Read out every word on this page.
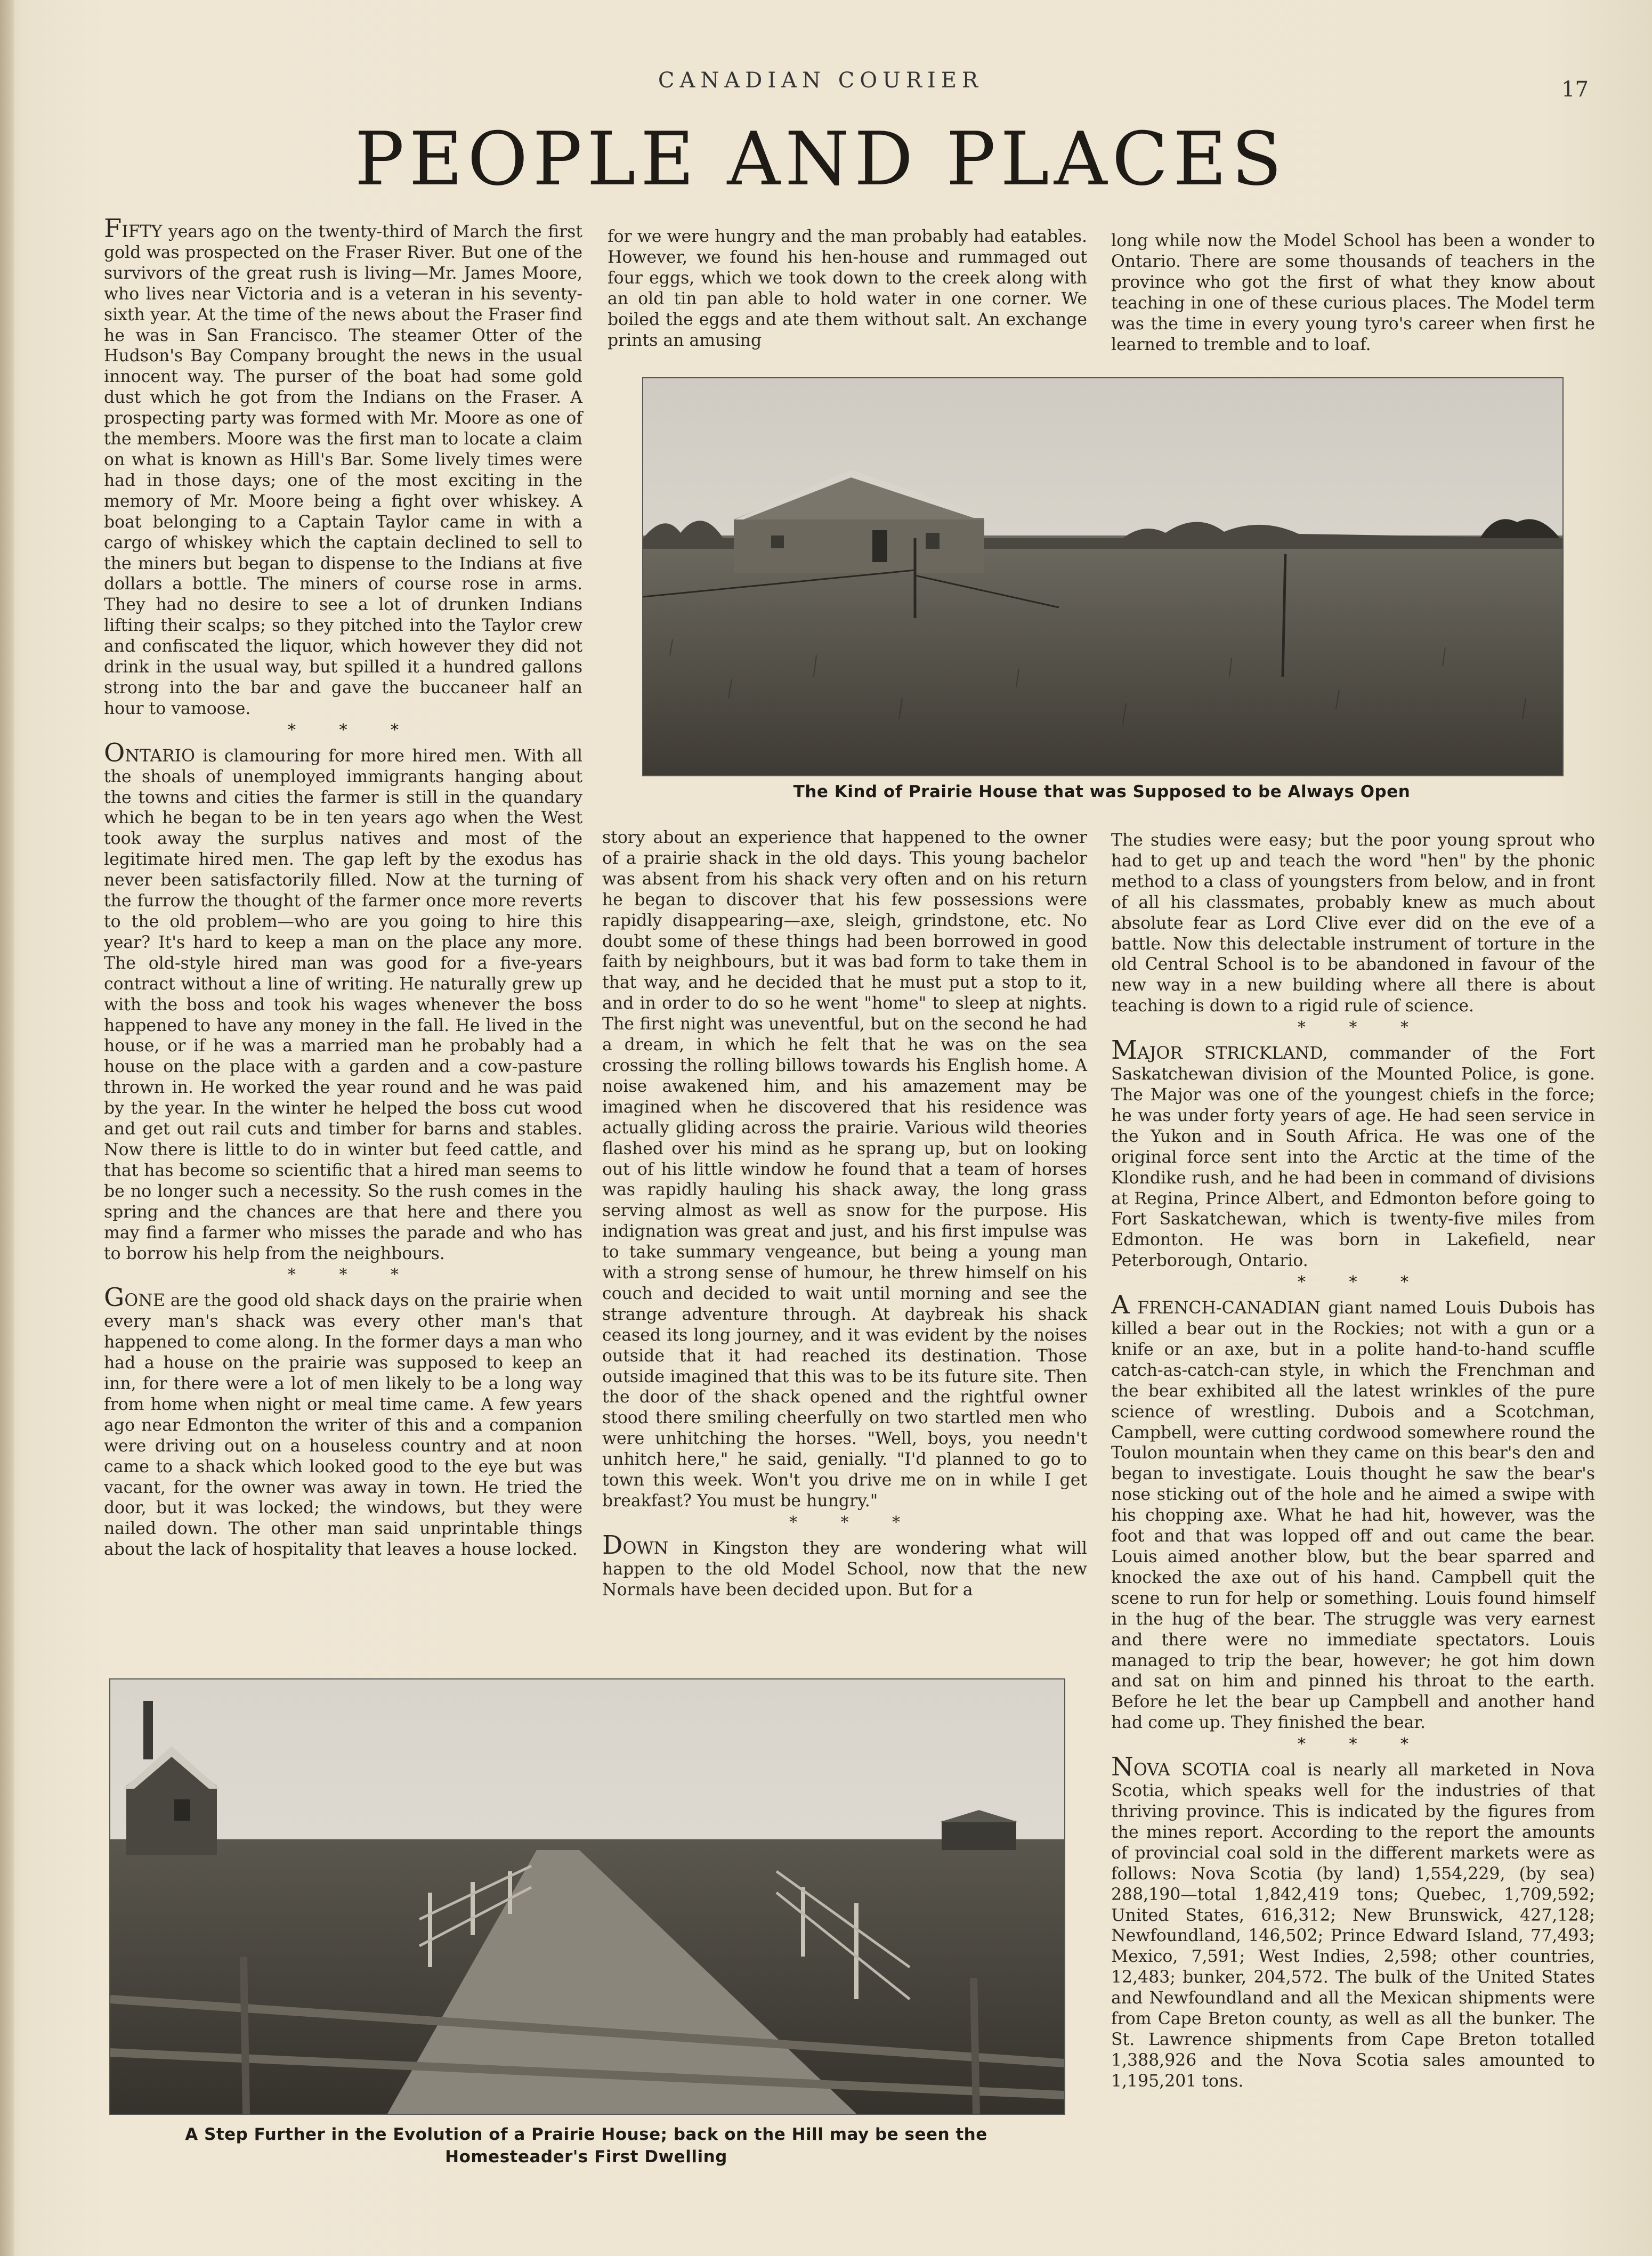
CANADIAN COURIER	17
PEOPLE AND PLACES

FIFTY years ago on the twenty-third of March the first gold was prospected on the Fraser River. But one of the survivors of the great rush is living—Mr. James Moore, who lives near Victoria and is a veteran in his seventy-sixth year. At the time of the news about the Fraser find he was in San Francisco. The steamer Otter of the Hudson's Bay Company brought the news in the usual innocent way. The purser of the boat had some gold dust which he got from the Indians on the Fraser. A prospecting party was formed with Mr. Moore as one of the members. Moore was the first man to locate a claim on what is known as Hill's Bar. Some lively times were had in those days; one of the most exciting in the memory of Mr. Moore being a fight over whiskey. A boat belonging to a Captain Taylor came in with a cargo of whiskey which the captain declined to sell to the miners but began to dispense to the Indians at five dollars a bottle. The miners of course rose in arms. They had no desire to see a lot of drunken Indians lifting their scalps; so they pitched into the Taylor crew and confiscated the liquor, which however they did not drink in the usual way, but spilled it a hundred gallons strong into the bar and gave the buccaneer half an hour to vamoose.

* * *

ONTARIO is clamouring for more hired men. With all the shoals of unemployed immigrants hanging about the towns and cities the farmer is still in the quandary which he began to be in ten years ago when the West took away the surplus natives and most of the legitimate hired men. The gap left by the exodus has never been satisfactorily filled. Now at the turning of the furrow the thought of the farmer once more reverts to the old problem—who are you going to hire this year? It's hard to keep a man on the place any more. The old-style hired man was good for a five-years contract without a line of writing. He naturally grew up with the boss and took his wages whenever the boss happened to have any money in the fall. He lived in the house, or if he was a married man he probably had a house on the place with a garden and a cow-pasture thrown in. He worked the year round and he was paid by the year. In the winter he helped the boss cut wood and get out rail cuts and timber for barns and stables. Now there is little to do in winter but feed cattle, and that has become so scientific that a hired man seems to be no longer such a necessity. So the rush comes in the spring and the chances are that here and there you may find a farmer who misses the parade and who has to borrow his help from the neighbours.

* * *

GONE are the good old shack days on the prairie when every man's shack was every other man's that happened to come along. In the former days a man who had a house on the prairie was supposed to keep an inn, for there were a lot of men likely to be a long way from home when night or meal time came. A few years ago near Edmonton the writer of this and a companion were driving out on a houseless country and at noon came to a shack which looked good to the eye but was vacant, for the owner was away in town. He tried the door, but it was locked; the windows, but they were nailed down. The other man said unprintable things about the lack of hospitality that leaves a house locked.

for we were hungry and the man probably had eatables. However, we found his hen-house and rummaged out four eggs, which we took down to the creek along with an old tin pan able to hold water in one corner. We boiled the eggs and ate them without salt. An exchange prints an amusing

long while now the Model School has been a wonder to Ontario. There are some thousands of teachers in the province who got the first of what they know about teaching in one of these curious places. The Model term was the time in every young tyro's career when first he learned to tremble and to loaf.

The Kind of Prairie House that was Supposed to be Always Open

story about an experience that happened to the owner of a prairie shack in the old days. This young bachelor was absent from his shack very often and on his return he began to discover that his few possessions were rapidly disappearing—axe, sleigh, grindstone, etc. No doubt some of these things had been borrowed in good faith by neighbours, but it was bad form to take them in that way, and he decided that he must put a stop to it, and in order to do so he went "home" to sleep at nights. The first night was uneventful, but on the second he had a dream, in which he felt that he was on the sea crossing the rolling billows towards his English home. A noise awakened him, and his amazement may be imagined when he discovered that his residence was actually gliding across the prairie. Various wild theories flashed over his mind as he sprang up, but on looking out of his little window he found that a team of horses was rapidly hauling his shack away, the long grass serving almost as well as snow for the purpose. His indignation was great and just, and his first impulse was to take summary vengeance, but being a young man with a strong sense of humour, he threw himself on his couch and decided to wait until morning and see the strange adventure through. At daybreak his shack ceased its long journey, and it was evident by the noises outside that it had reached its destination. Those outside imagined that this was to be its future site. Then the door of the shack opened and the rightful owner stood there smiling cheerfully on two startled men who were unhitching the horses. "Well, boys, you needn't unhitch here," he said, genially. "I'd planned to go to town this week. Won't you drive me on in while I get breakfast? You must be hungry."

* * *

DOWN in Kingston they are wondering what will happen to the old Model School, now that the new Normals have been decided upon. But for a

The studies were easy; but the poor young sprout who had to get up and teach the word "hen" by the phonic method to a class of youngsters from below, and in front of all his classmates, probably knew as much about absolute fear as Lord Clive ever did on the eve of a battle. Now this delectable instrument of torture in the old Central School is to be abandoned in favour of the new way in a new building where all there is about teaching is down to a rigid rule of science.

* * *

MAJOR STRICKLAND, commander of the Fort Saskatchewan division of the Mounted Police, is gone. The Major was one of the youngest chiefs in the force; he was under forty years of age. He had seen service in the Yukon and in South Africa. He was one of the original force sent into the Arctic at the time of the Klondike rush, and he had been in command of divisions at Regina, Prince Albert, and Edmonton before going to Fort Saskatchewan, which is twenty-five miles from Edmonton. He was born in Lakefield, near Peterborough, Ontario.

* * *

A FRENCH-CANADIAN giant named Louis Dubois has killed a bear out in the Rockies; not with a gun or a knife or an axe, but in a polite hand-to-hand scuffle catch-as-catch-can style, in which the Frenchman and the bear exhibited all the latest wrinkles of the pure science of wrestling. Dubois and a Scotchman, Campbell, were cutting cordwood somewhere round the Toulon mountain when they came on this bear's den and began to investigate. Louis thought he saw the bear's nose sticking out of the hole and he aimed a swipe with his chopping axe. What he had hit, however, was the foot and that was lopped off and out came the bear. Louis aimed another blow, but the bear sparred and knocked the axe out of his hand. Campbell quit the scene to run for help or something. Louis found himself in the hug of the bear. The struggle was very earnest and there were no immediate spectators. Louis managed to trip the bear, however; he got him down and sat on him and pinned his throat to the earth. Before he let the bear up Campbell and another hand had come up. They finished the bear.

* * *

NOVA SCOTIA coal is nearly all marketed in Nova Scotia, which speaks well for the industries of that thriving province. This is indicated by the figures from the mines report. According to the report the amounts of provincial coal sold in the different markets were as follows: Nova Scotia (by land) 1,554,229, (by sea) 288,190—total 1,842,419 tons; Quebec, 1,709,592; United States, 616,312; New Brunswick, 427,128; Newfoundland, 146,502; Prince Edward Island, 77,493; Mexico, 7,591; West Indies, 2,598; other countries, 12,483; bunker, 204,572. The bulk of the United States and Newfoundland and all the Mexican shipments were from Cape Breton county, as well as all the bunker. The St. Lawrence shipments from Cape Breton totalled 1,388,926 and the Nova Scotia sales amounted to 1,195,201 tons.

A Step Further in the Evolution of a Prairie House; back on the Hill may be seen the Homesteader's First Dwelling
